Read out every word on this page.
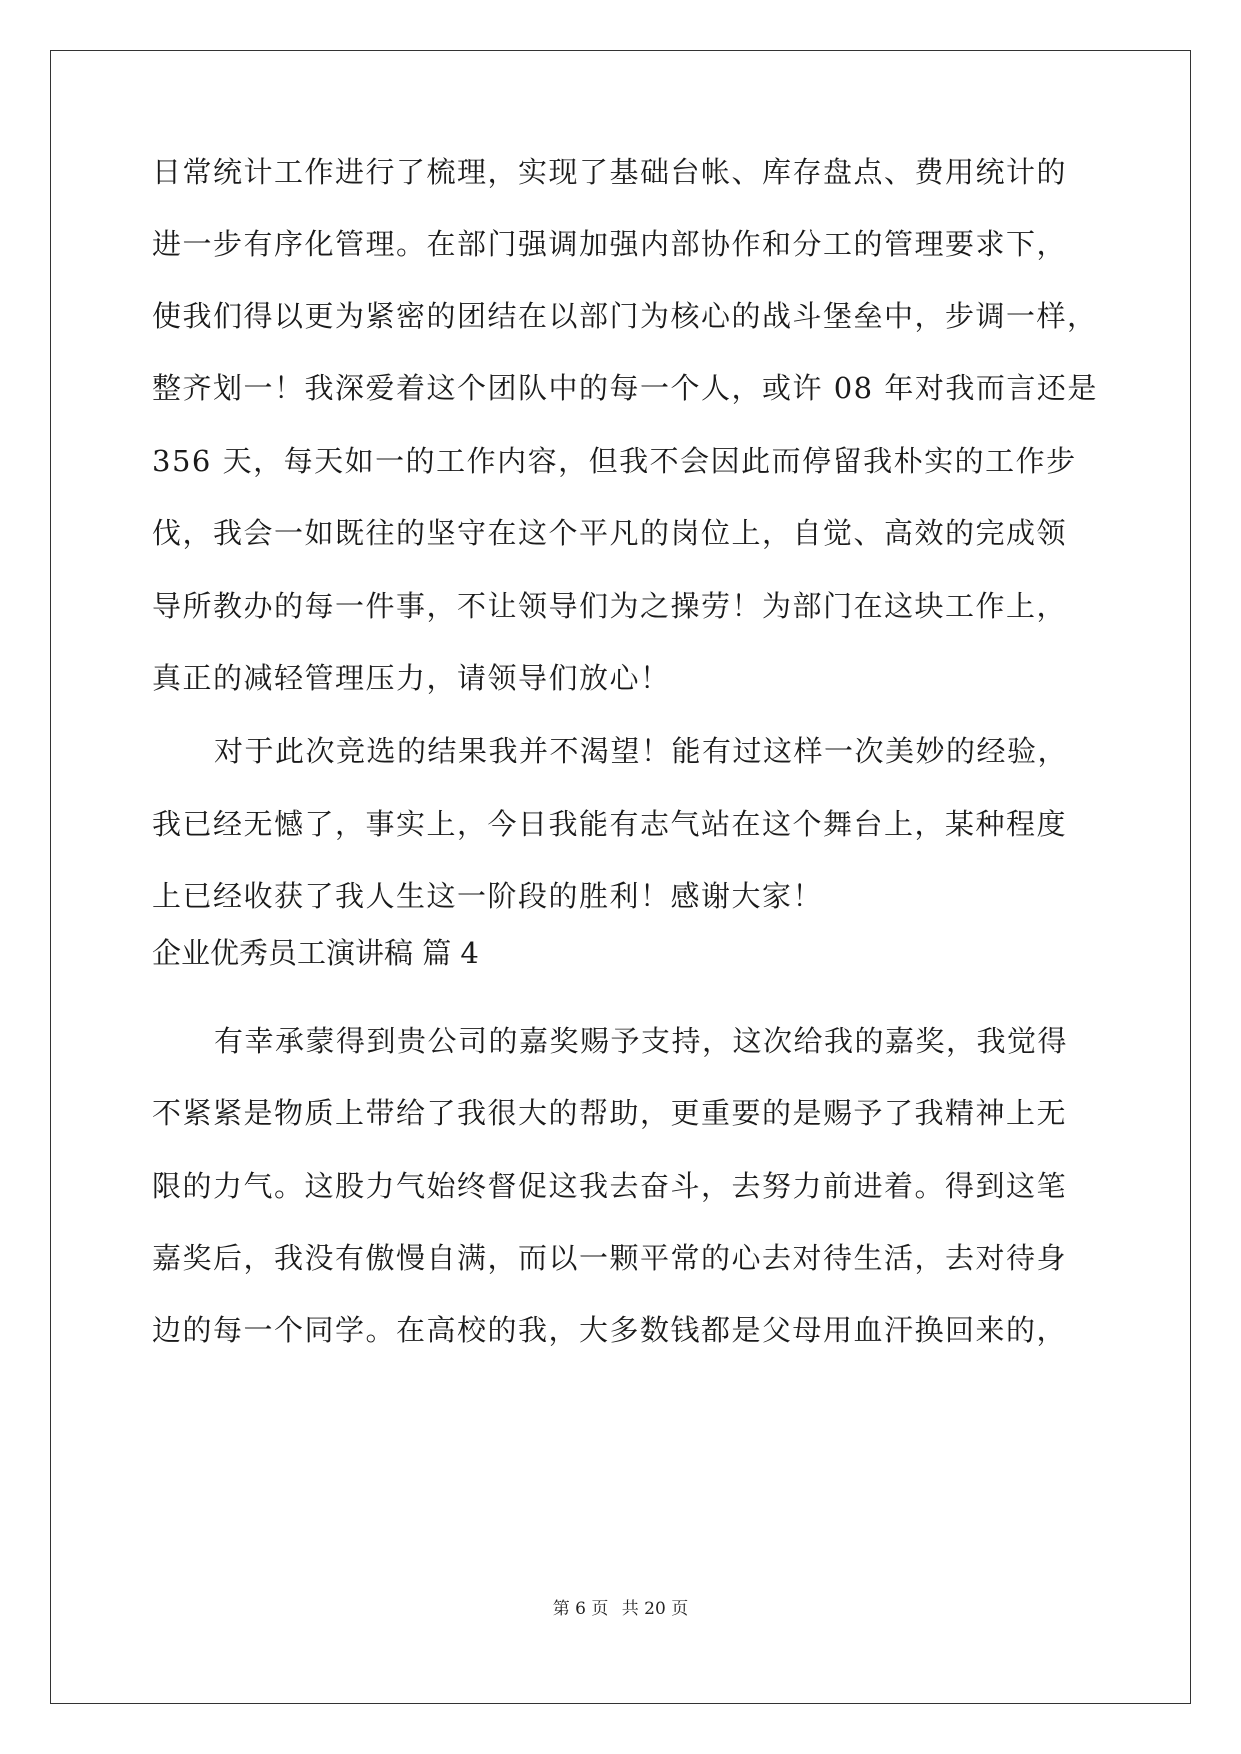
日常统计工作进行了梳理，实现了基础台帐、库存盘点、费用统计的
进一步有序化管理。在部门强调加强内部协作和分工的管理要求下，
使我们得以更为紧密的团结在以部门为核心的战斗堡垒中，步调一样，
整齐划一！我深爱着这个团队中的每一个人，或许 08 年对我而言还是
356 天，每天如一的工作内容，但我不会因此而停留我朴实的工作步
伐，我会一如既往的坚守在这个平凡的岗位上，自觉、高效的完成领
导所教办的每一件事，不让领导们为之操劳！为部门在这块工作上，
真正的减轻管理压力，请领导们放心！
对于此次竞选的结果我并不渴望！能有过这样一次美妙的经验，
我已经无憾了，事实上，今日我能有志气站在这个舞台上，某种程度
上已经收获了我人生这一阶段的胜利！感谢大家！
企业优秀员工演讲稿 篇 4
有幸承蒙得到贵公司的嘉奖赐予支持，这次给我的嘉奖，我觉得
不紧紧是物质上带给了我很大的帮助，更重要的是赐予了我精神上无
限的力气。这股力气始终督促这我去奋斗，去努力前进着。得到这笔
嘉奖后，我没有傲慢自满，而以一颗平常的心去对待生活，去对待身
边的每一个同学。在高校的我，大多数钱都是父母用血汗换回来的，
第 6 页 共 20 页
